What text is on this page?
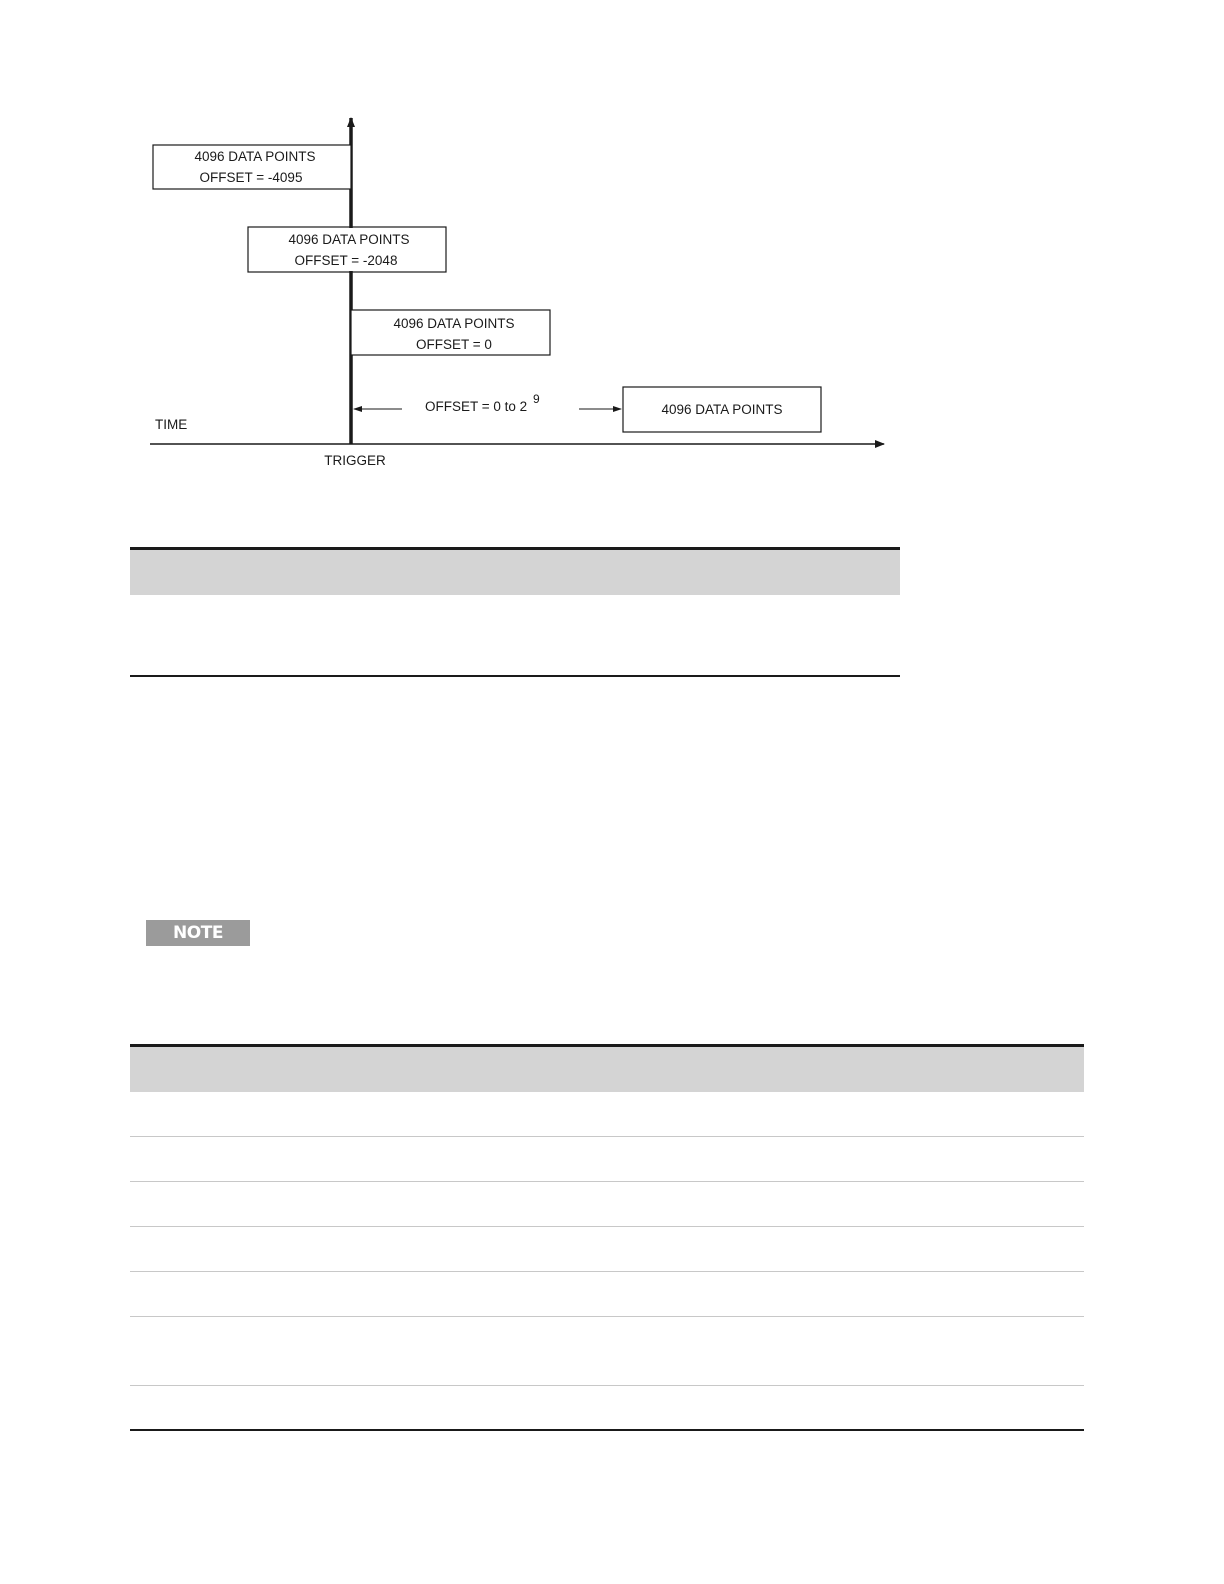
4096 DATA POINTS
OFFSET = -4095
4096 DATA POINTS
OFFSET = -2048
4096 DATA POINTS
OFFSET = 0
OFFSET = 0 to 2 9
4096 DATA POINTS
TIME
TRIGGER
NOTE
